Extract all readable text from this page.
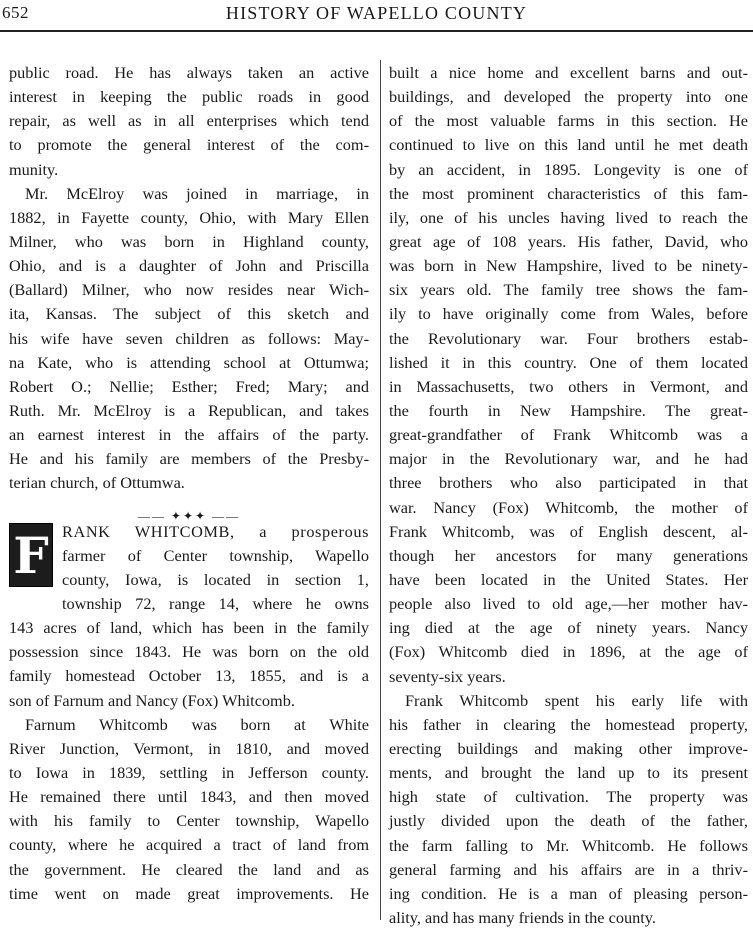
652	HISTORY OF WAPELLO COUNTY
public road. He has always taken an active
interest in keeping the public roads in good
repair, as well as in all enterprises which tend
to promote the general interest of the com-
munity.
Mr. McElroy was joined in marriage, in
1882, in Fayette county, Ohio, with Mary Ellen
Milner, who was born in Highland county,
Ohio, and is a daughter of John and Priscilla
(Ballard) Milner, who now resides near Wich-
ita, Kansas. The subject of this sketch and
his wife have seven children as follows: May-
na Kate, who is attending school at Ottumwa;
Robert O.; Nellie; Esther; Fred; Mary; and
Ruth. Mr. McElroy is a Republican, and takes
an earnest interest in the affairs of the party.
He and his family are members of the Presby-
terian church, of Ottumwa.
—— ✦✦✦ ——
F RANK WHITCOMB, a prosperous
farmer of Center township, Wapello
county, Iowa, is located in section 1,
township 72, range 14, where he owns
143 acres of land, which has been in the family
possession since 1843. He was born on the old
family homestead October 13, 1855, and is a
son of Farnum and Nancy (Fox) Whitcomb.
Farnum Whitcomb was born at White
River Junction, Vermont, in 1810, and moved
to Iowa in 1839, settling in Jefferson county.
He remained there until 1843, and then moved
with his family to Center township, Wapello
county, where he acquired a tract of land from
the government. He cleared the land and as
time went on made great improvements. He
built a nice home and excellent barns and out-
buildings, and developed the property into one
of the most valuable farms in this section. He
continued to live on this land until he met death
by an accident, in 1895. Longevity is one of
the most prominent characteristics of this fam-
ily, one of his uncles having lived to reach the
great age of 108 years. His father, David, who
was born in New Hampshire, lived to be ninety-
six years old. The family tree shows the fam-
ily to have originally come from Wales, before
the Revolutionary war. Four brothers estab-
lished it in this country. One of them located
in Massachusetts, two others in Vermont, and
the fourth in New Hampshire. The great-
great-grandfather of Frank Whitcomb was a
major in the Revolutionary war, and he had
three brothers who also participated in that
war. Nancy (Fox) Whitcomb, the mother of
Frank Whitcomb, was of English descent, al-
though her ancestors for many generations
have been located in the United States. Her
people also lived to old age,—her mother hav-
ing died at the age of ninety years. Nancy
(Fox) Whitcomb died in 1896, at the age of
seventy-six years.
Frank Whitcomb spent his early life with
his father in clearing the homestead property,
erecting buildings and making other improve-
ments, and brought the land up to its present
high state of cultivation. The property was
justly divided upon the death of the father,
the farm falling to Mr. Whitcomb. He follows
general farming and his affairs are in a thriv-
ing condition. He is a man of pleasing person-
ality, and has many friends in the county.
